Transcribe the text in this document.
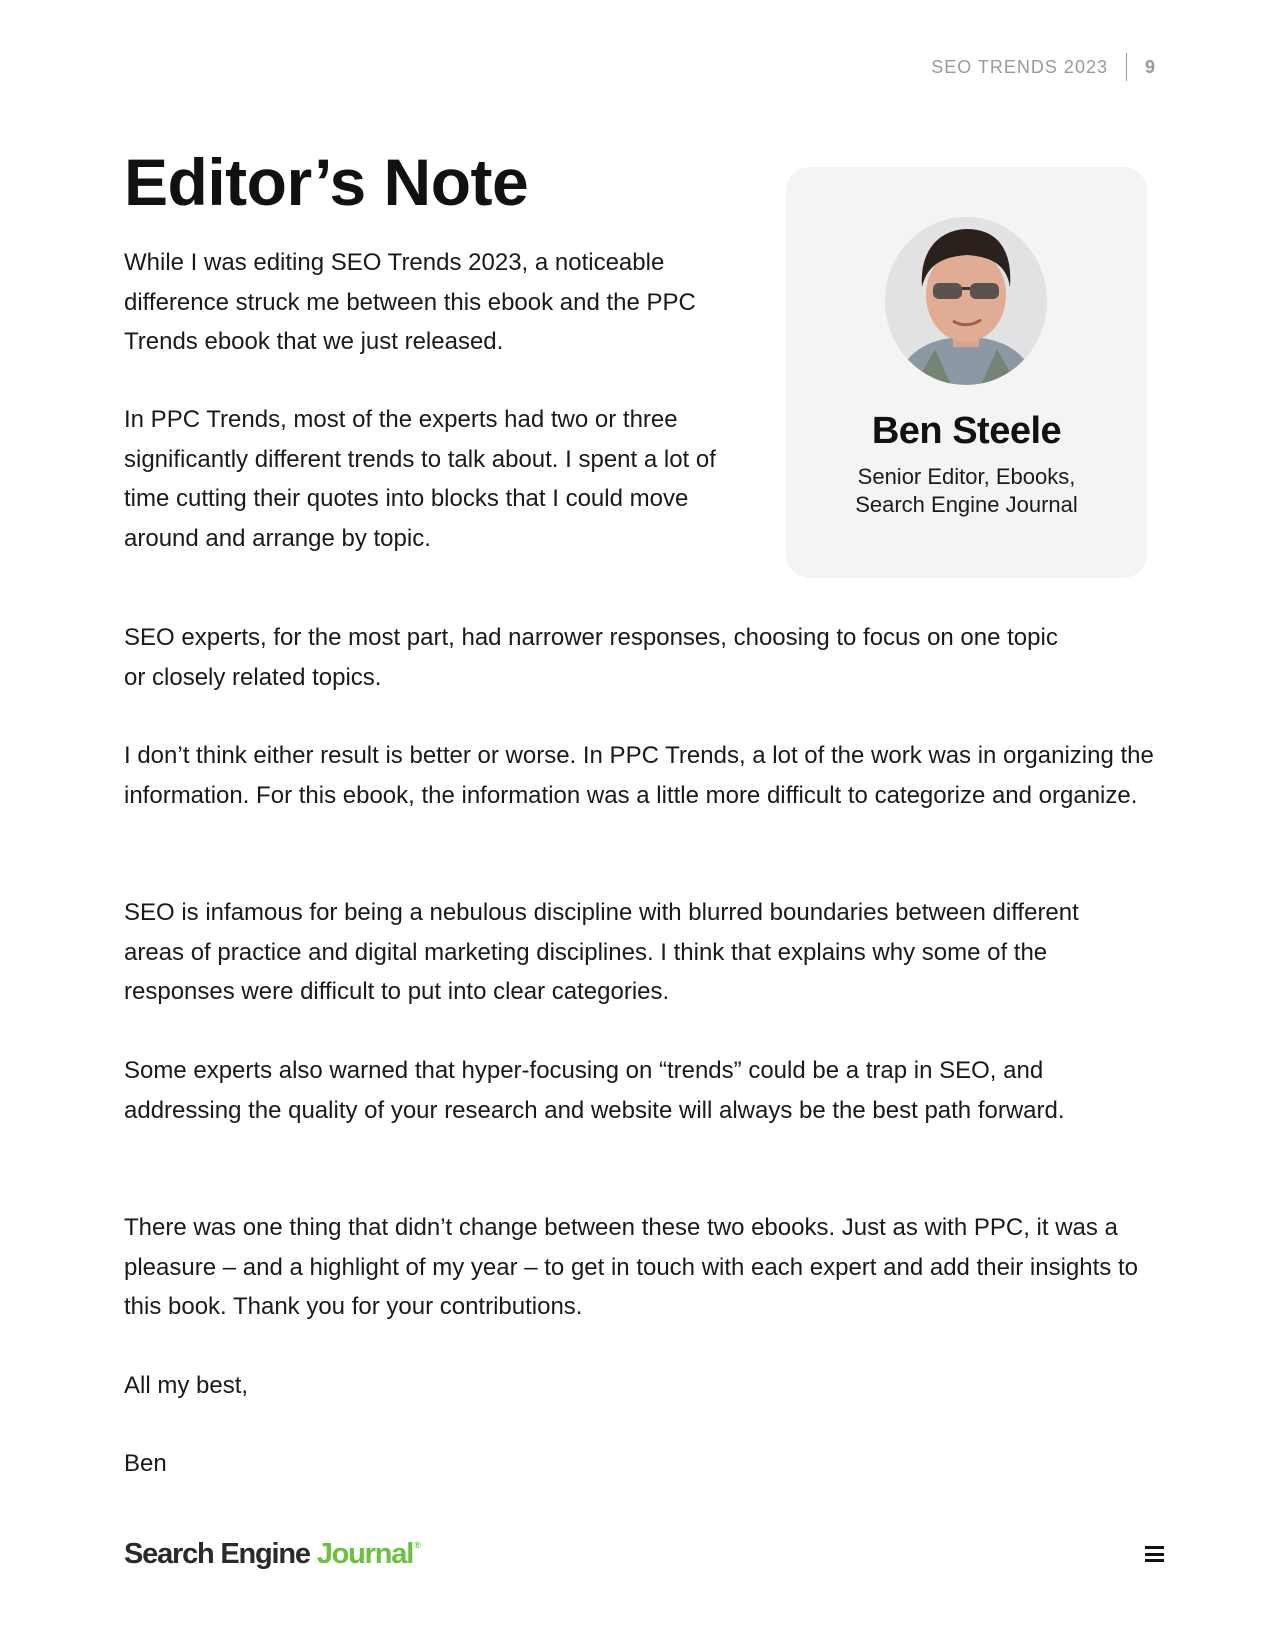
SEO TRENDS 2023 9
Editor’s Note

While I was editing SEO Trends 2023, a noticeable difference struck me between this ebook and the PPC Trends ebook that we just released.

In PPC Trends, most of the experts had two or three significantly different trends to talk about. I spent a lot of time cutting their quotes into blocks that I could move around and arrange by topic.

Ben Steele

Senior Editor, Ebooks,
Search Engine Journal

SEO experts, for the most part, had narrower responses, choosing to focus on one topic or closely related topics.

I don’t think either result is better or worse. In PPC Trends, a lot of the work was in organizing the information. For this ebook, the information was a little more difficult to categorize and organize.

SEO is infamous for being a nebulous discipline with blurred boundaries between different areas of practice and digital marketing disciplines. I think that explains why some of the responses were difficult to put into clear categories.

Some experts also warned that hyper-focusing on “trends” could be a trap in SEO, and addressing the quality of your research and website will always be the best path forward.

There was one thing that didn’t change between these two ebooks. Just as with PPC, it was a pleasure – and a highlight of my year – to get in touch with each expert and add their insights to this book. Thank you for your contributions.

All my best,

Ben

Search Engine
Journal ®
